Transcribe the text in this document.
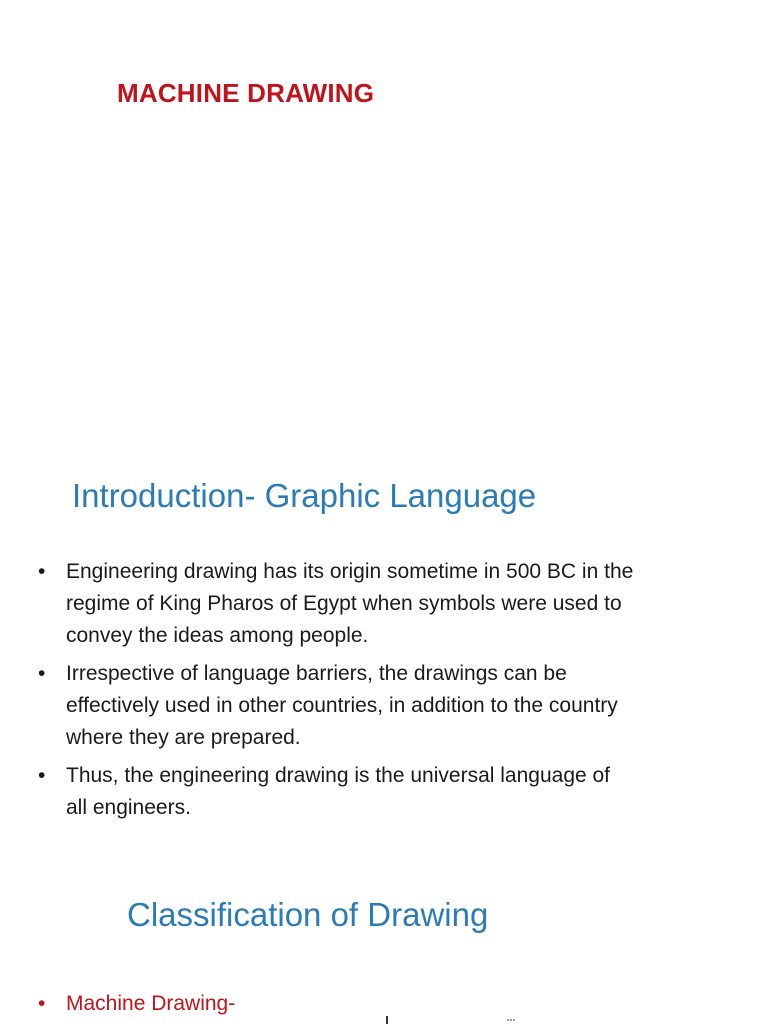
MACHINE DRAWING
Introduction- Graphic Language
• Engineering drawing has its origin sometime in 500 BC in the regime of King Pharos of Egypt when symbols were used to convey the ideas among people.
• Irrespective of language barriers, the drawings can be effectively used in other countries, in addition to the country where they are prepared.
• Thus, the engineering drawing is the universal language of all engineers.
Classification of Drawing
• Machine Drawing-
